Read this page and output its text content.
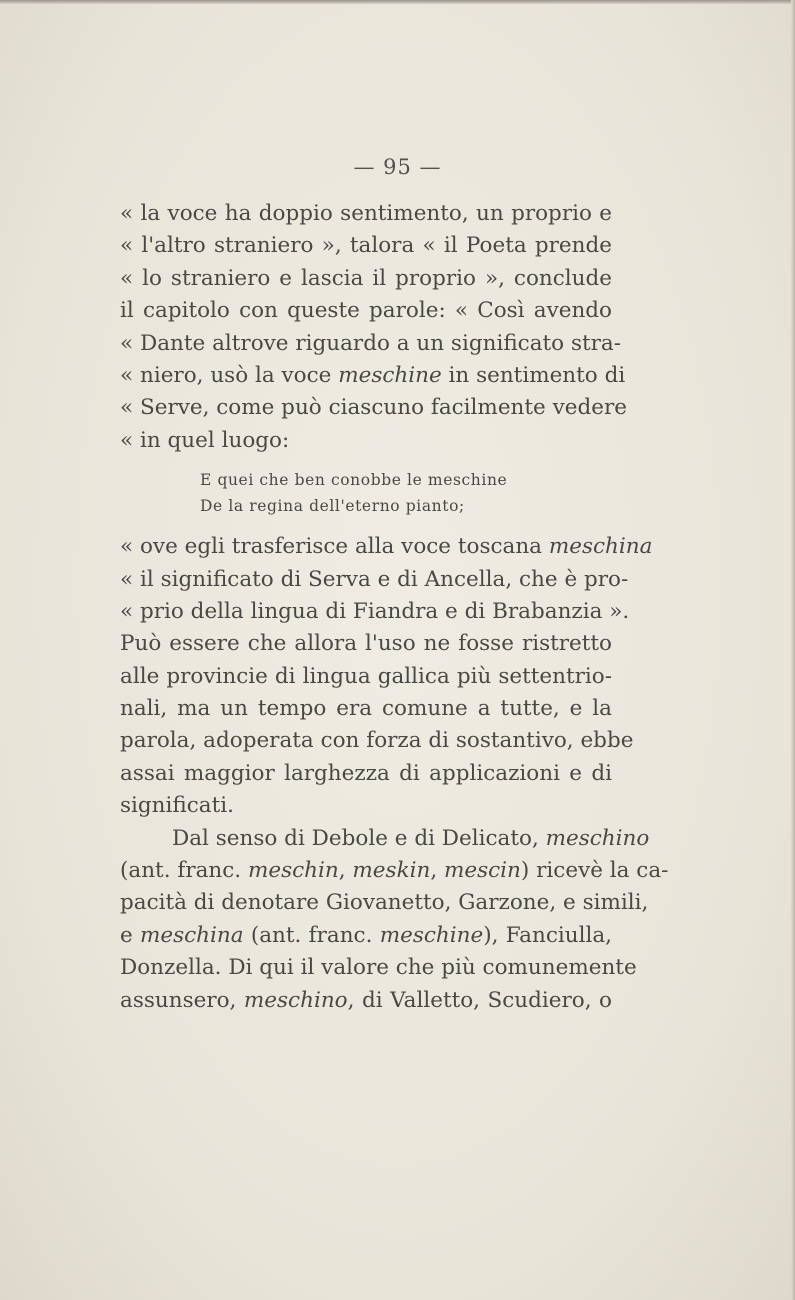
— 95 —
« la voce ha doppio sentimento, un proprio e
« l'altro straniero », talora « il Poeta prende
« lo straniero e lascia il proprio », conclude
il capitolo con queste parole: « Così avendo
« Dante altrove riguardo a un significato stra-
« niero, usò la voce meschine in sentimento di
« Serve, come può ciascuno facilmente vedere
« in quel luogo:
E quei che ben conobbe le meschine
De la regina dell'eterno pianto;
« ove egli trasferisce alla voce toscana meschina
« il significato di Serva e di Ancella, che è pro-
« prio della lingua di Fiandra e di Brabanzia ».
Può essere che allora l'uso ne fosse ristretto
alle provincie di lingua gallica più settentrio-
nali, ma un tempo era comune a tutte, e la
parola, adoperata con forza di sostantivo, ebbe
assai maggior larghezza di applicazioni e di
significati.
Dal senso di Debole e di Delicato, meschino
(ant. franc. meschin, meskin, mescin) ricevè la ca-
pacità di denotare Giovanetto, Garzone, e simili,
e meschina (ant. franc. meschine), Fanciulla,
Donzella. Di qui il valore che più comunemente
assunsero, meschino, di Valletto, Scudiero, o
